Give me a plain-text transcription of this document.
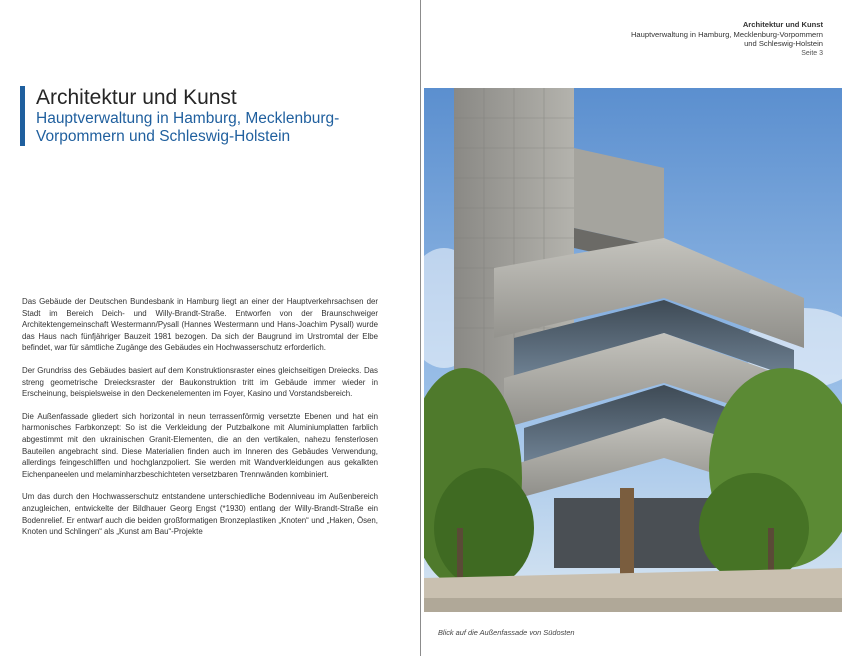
Architektur und Kunst
Hauptverwaltung in Hamburg, Mecklenburg-Vorpommern und Schleswig-Holstein

Das Gebäude der Deutschen Bundesbank in Hamburg liegt an einer der Hauptverkehrsachsen der Stadt im Bereich Deich- und Willy-Brandt-Straße. Entworfen von der Braunschweiger Architektengemeinschaft Westermann/Pysall (Hannes Westermann und Hans-Joachim Pysall) wurde das Haus nach fünfjähriger Bauzeit 1981 bezogen. Da sich der Baugrund im Urstromtal der Elbe befindet, war für sämtliche Zugänge des Gebäudes ein Hochwasserschutz erforderlich.

Der Grundriss des Gebäudes basiert auf dem Konstruktionsraster eines gleichseitigen Dreiecks. Das streng geometrische Dreiecksraster der Baukonstruktion tritt im Gebäude immer wieder in Erscheinung, beispielsweise in den Deckenelementen im Foyer, Kasino und Vorstandsbereich.

Die Außenfassade gliedert sich horizontal in neun terrassenförmig versetzte Ebenen und hat ein harmonisches Farbkonzept: So ist die Verkleidung der Putzbalkone mit Aluminiumplatten farblich abgestimmt mit den ukrainischen Granit-Elementen, die an den vertikalen, nahezu fensterlosen Bauteilen angebracht sind. Diese Materialien finden auch im Inneren des Gebäudes Verwendung, allerdings feingeschliffen und hochglanzpoliert. Sie werden mit Wandverkleidungen aus gekalkten Eichenpaneelen und melaminharzbeschichteten versetzbaren Trennwänden kombiniert.

Um das durch den Hochwasserschutz entstandene unterschiedliche Bodenniveau im Außenbereich anzugleichen, entwickelte der Bildhauer Georg Engst (*1930) entlang der Willy-Brandt-Straße ein Bodenrelief. Er entwarf auch die beiden großformatigen Bronzeplastiken „Knoten“ und „Haken, Ösen, Knoten und Schlingen“ als „Kunst am Bau“-Projekte

Architektur und Kunst
Hauptverwaltung in Hamburg, Mecklenburg-Vorpommern
und Schleswig-Holstein
Seite 3
Blick auf die Außenfassade von Südosten
